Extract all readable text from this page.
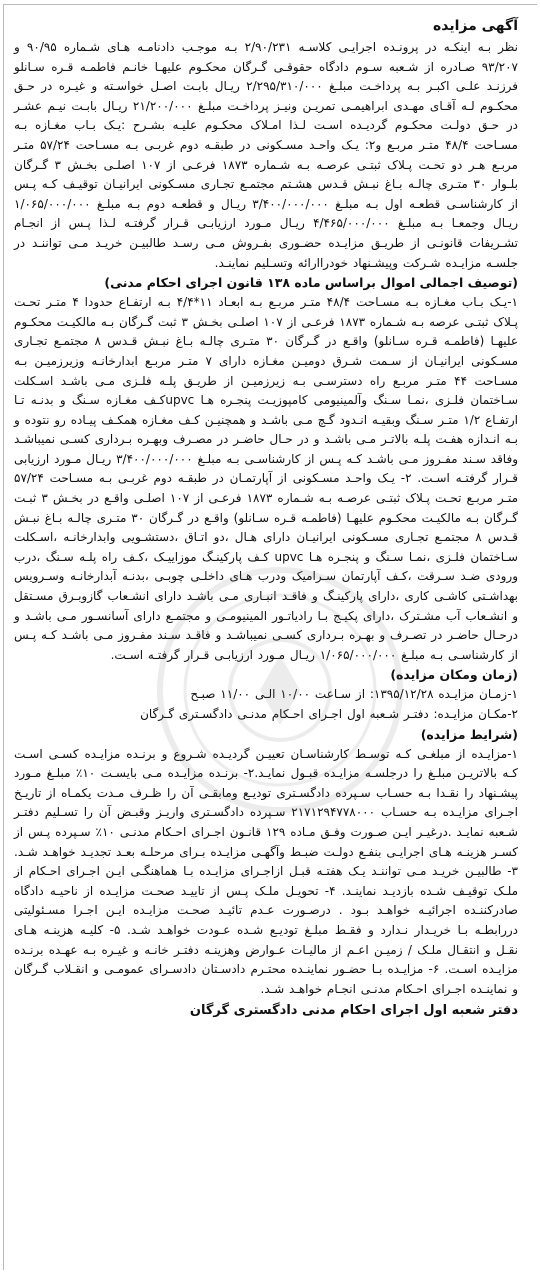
آگهی مزایده

نظر بـه اینکـه در پرونـده اجرایـی کلاسـه ۲/۹۰/۲۳۱ بـه موجـب دادنامـه هـای شـماره ۹۰/۹۵ و ۹۳/۲۰۷ صـادره از شـعبه سـوم دادگاه حقوقـی گـرگان محکـوم علیهـا خانـم فاطمـه قـره سـانلو فرزنـد علـی اکبـر بـه پرداخـت مبلـغ ۲/۲۹۵/۳۱۰/۰۰۰ ریـال بابـت اصـل خواسـته و غیـره در حـق محکـوم لـه آقـای مهـدی ابراهیمـی تمریـن ونیـز پرداخـت مبلـغ ۲۱/۲۰۰/۰۰۰ ریـال بابـت نیـم عشـر در حـق دولـت محکـوم گردیـده اسـت لـذا امـلاک محکـوم علیـه بشـرح :یـک بـاب مغـازه بـه مسـاحت ۴۸/۴ متـر مربـع و۲: یـک واحـد مسـکونی در طبقـه دوم غربـی بـه مسـاحت ۵۷/۲۴ متـر مربـع هـر دو تحـت پـلاک ثبتـی عرصـه بـه شـماره ۱۸۷۳ فرعـی از ۱۰۷ اصلـی بخـش ۳ گـرگان بلـوار ۳۰ متـری چالـه بـاغ نبـش قـدس هشـتم مجتمـع تجـاری مسـکونی ایرانیـان توقیـف کـه پـس از کارشناسـی قطعـه اول بـه مبلـغ ۳/۴۰۰/۰۰۰/۰۰۰ ریـال و قطعـه دوم بـه مبلـغ ۱/۰۶۵/۰۰۰/۰۰۰ ریـال وجمعـا بـه مبلـغ ۴/۴۶۵/۰۰۰/۰۰۰ ریـال مـورد ارزیابـی قـرار گرفتـه لـذا پـس از انجـام تشـریفات قانونـی از طریـق مزایـده حضـوری بفـروش مـی رسـد طالبیـن خریـد مـی تواننـد در جلسـه مزایـده شـرکت وپیشـنهاد خودراارائه وتسـلیم نماینـد.

(توصیف اجمالی اموال براساس ماده ۱۳۸ قانون اجرای احکام مدنی)

۱-یـک بـاب مغـازه بـه مسـاحت ۴۸/۴ متـر مربـع بـه ابعـاد ۱۱*۴/۴ بـه ارتفـاع حدودا ۴ متـر تحـت پـلاک ثبتـی عرصه بـه شـماره ۱۸۷۳ فرعـی از ۱۰۷ اصلـی بخـش ۳ ثبت گـرگان بـه مالکیـت محکـوم علیهـا (فاطمـه قـره سـانلو) واقـع در گـرگان ۳۰ متـری چالـه بـاغ نبـش قـدس ۸ مجتمـع تجـاری مسـکونی ایرانیـان از سـمت شـرق دومیـن مغـازه دارای ۷ متـر مربـع ابدارخانـه وزیرزمیـن بـه مسـاحت ۴۴ متـر مربـع راه دسترسـی بـه زیرزمیـن از طریـق پلـه فلـزی مـی باشـد اسـکلت سـاختمان فلـزی ،نمـا سـنگ وآلمینیومی کامپوزیـت پنجـره هـا upvcکـف مغـازه سـنگ و بدنـه تـا ارتفـاع ۱/۲ متـر سـنگ وبقیـه انـدود گـچ مـی باشـد و همچنیـن کـف مغـازه همکـف پیـاده رو نتوده و بـه انـدازه هفـت پلـه بالاتـر مـی باشـد و در حـال حاضـر در مصـرف وبهـره بـرداری کسـی نمیباشـد وفاقد سـند مفـروز مـی باشـد کـه پـس از کارشناسـی بـه مبلـغ ۳/۴۰۰/۰۰۰/۰۰۰ ریـال مـورد ارزیابی قـرار گرفتـه اسـت. ۲- یـک واحـد مسـکونی از آپارتمـان در طبقـه دوم غربـی بـه مسـاحت ۵۷/۲۴ متـر مربـع تحـت پـلاک ثبتـی عرصـه بـه شـماره ۱۸۷۳ فرعـی از ۱۰۷ اصلـی واقـع در بخـش ۳ ثبـت گـرگان بـه مالکیـت محکـوم علیهـا (فاطمـه قـره سـانلو) واقـع در گـرگان ۳۰ متـری چالـه بـاغ نبـش قـدس ۸ مجتمـع تجـاری مسـکونی ایرانیـان دارای هـال ،دو اتـاق ،دستشـویی وابدارخانـه ،اسـکلت سـاختمان فلـزی ،نمـا سـنگ و پنجـره هـا upvc کـف پارکینـگ موزاییـک ،کـف راه پلـه سـنگ ،درب ورودی ضـد سـرقت ،کـف آپارتمان سـرامیک ودرب هـای داخلـی چوبـی ،بدنـه آبدارخانـه وسـرویس بهداشـتی کاشـی کاری ،دارای پارکینـگ و فاقـد انبـاری مـی باشـد دارای انشـعاب گازوبـرق مسـتقل و انشـعاب آب مشـترک ،دارای پکیـج بـا رادیاتـور المینیومـی و مجتمـع دارای آسانسـور مـی باشـد و درحـال حاضـر در تصـرف و بهـره بـرداری کسـی نمیباشـد و فاقـد سـند مفـروز مـی باشـد کـه پـس از کارشناسـی بـه مبلـغ ۱/۰۶۵/۰۰۰/۰۰۰ ریـال مـورد ارزیابـی قـرار گرفتـه اسـت.

(زمان ومکان مزایده)

۱-زمـان مزایـده ۱۳۹۵/۱۲/۲۸: از سـاعت ۱۰/۰۰ الـی ۱۱/۰۰ صبـح

۲-مکـان مزایـده: دفتـر شـعبه اول اجـرای احـکام مدنـی دادگسـتری گـرگان

(شرایط مزایده)

۱-مزایـده از مبلغـی کـه توسـط کارشناسـان تعییـن گردیـده شـروع و برنـده مزایـده کسـی اسـت کـه بالاتریـن مبلـغ را درجلسـه مزایـده قبـول نمایـد.۲- برنـده مزایـده مـی بایسـت ۱۰٪ مبلـغ مـورد پیشـنهاد را نقـدا بـه حسـاب سـپرده دادگسـتری تودیـع ومابقـی آن را ظـرف مـدت یکمـاه از تاریـخ اجـرای مزایـده بـه حسـاب ۲۱۷۱۲۹۴۷۷۸۰۰۰ سـپرده دادگسـتری واریـز وقبـض آن را تسـلیم دفتـر شـعبه نمایـد .درغیـر ایـن صـورت وفـق مـاده ۱۲۹ قانـون اجـرای احـکام مدنـی ۱۰٪ سـپرده پـس از کسـر هزینـه هـای اجرایـی بنفـع دولـت ضبـط وآگهـی مزایـده بـرای مرحلـه بعـد تجدیـد خواهـد شـد. ۳- طالبیـن خریـد مـی تواننـد یـک هفتـه قبـل ازاجـرای مزایـده بـا هماهنگـی ایـن اجـرای احـکام از ملـک توقیـف شـده بازدیـد نماینـد. ۴- تحویـل ملـک پـس از تاییـد صحـت مزایـده از ناحیـه دادگاه صادرکننـده اجرائیـه خواهـد بـود . درصـورت عـدم تائیـد صحـت مزایـده ایـن اجـرا مسـئولیتی دررابطـه بـا خریـدار نـدارد و فقـط مبلـغ تودیـع شـده عـودت خواهـد شـد. ۵- کلیـه هزینـه هـای نقـل و انتقـال ملـک / زمیـن اعـم از مالیـات عـوارض وهزینـه دفتـر خانـه و غیـره بـه عهـده برنـده مزایـده اسـت. ۶- مزایـده بـا حضـور نماینـده محتـرم دادسـتان دادسـرای عمومـی و انقـلاب گـرگان و نماینـده اجـرای احـکام مدنـی انجـام خواهـد شـد.

دفتر شعبه اول اجرای احکام مدنی دادگستری گرگان
